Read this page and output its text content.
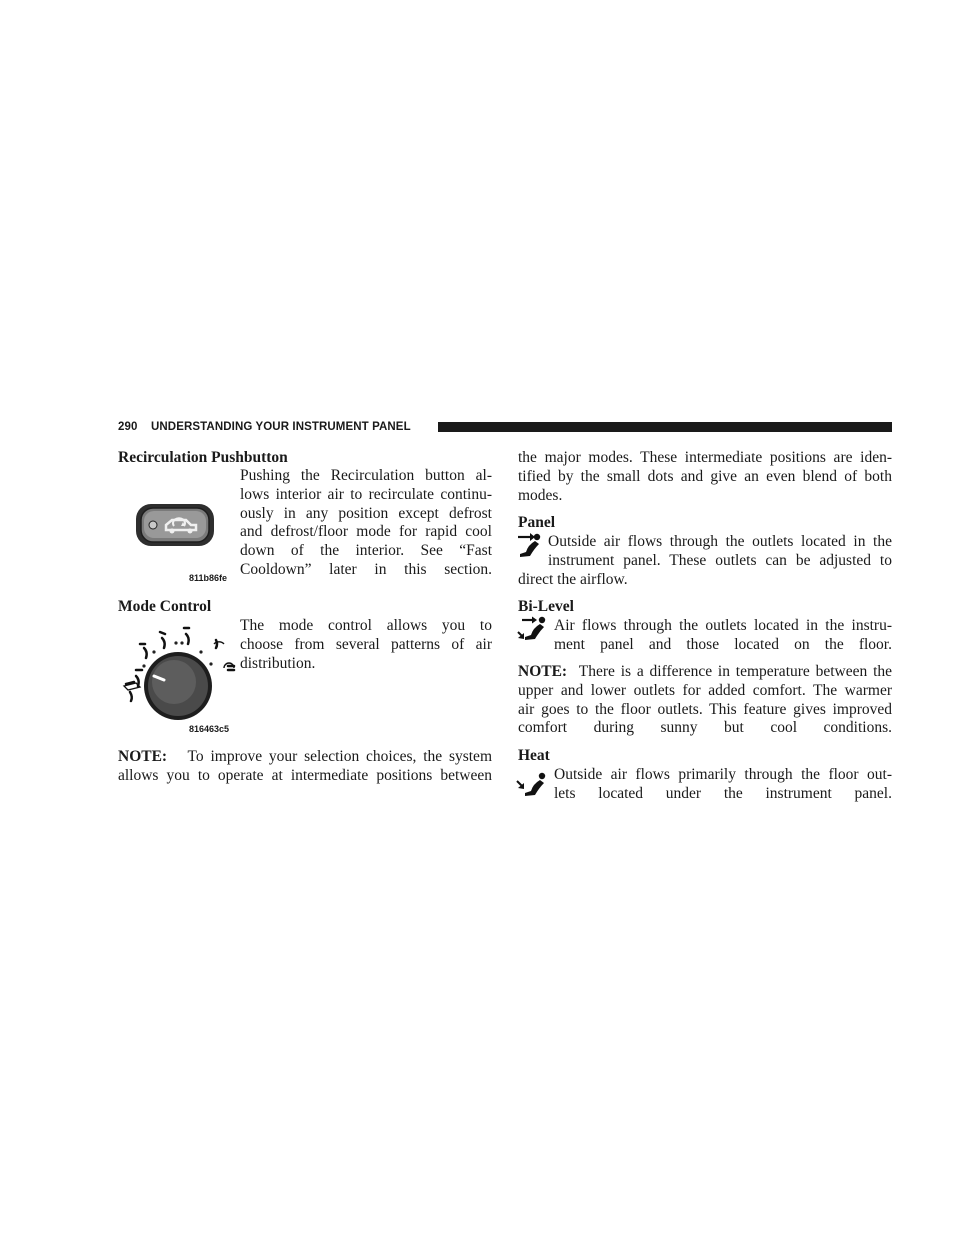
290 UNDERSTANDING YOUR INSTRUMENT PANEL
Recirculation Pushbutton
Pushing the Recirculation button al-
lows interior air to recirculate continu-
ously in any position except defrost
and defrost/floor mode for rapid cool
down of the interior. See “Fast
Cooldown” later in this section.
811b86fe
Mode Control
The mode control allows you to
choose from several patterns of air
distribution.
816463c5
NOTE: To improve your selection choices, the system
allows you to operate at intermediate positions between
the major modes. These intermediate positions are iden-
tified by the small dots and give an even blend of both
modes.
Panel
Outside air flows through the outlets located in the
instrument panel. These outlets can be adjusted to
direct the airflow.
Bi-Level
Air flows through the outlets located in the instru-
ment panel and those located on the floor.
NOTE: There is a difference in temperature between the
upper and lower outlets for added comfort. The warmer
air goes to the floor outlets. This feature gives improved
comfort during sunny but cool conditions.
Heat
Outside air flows primarily through the floor out-
lets located under the instrument panel.
